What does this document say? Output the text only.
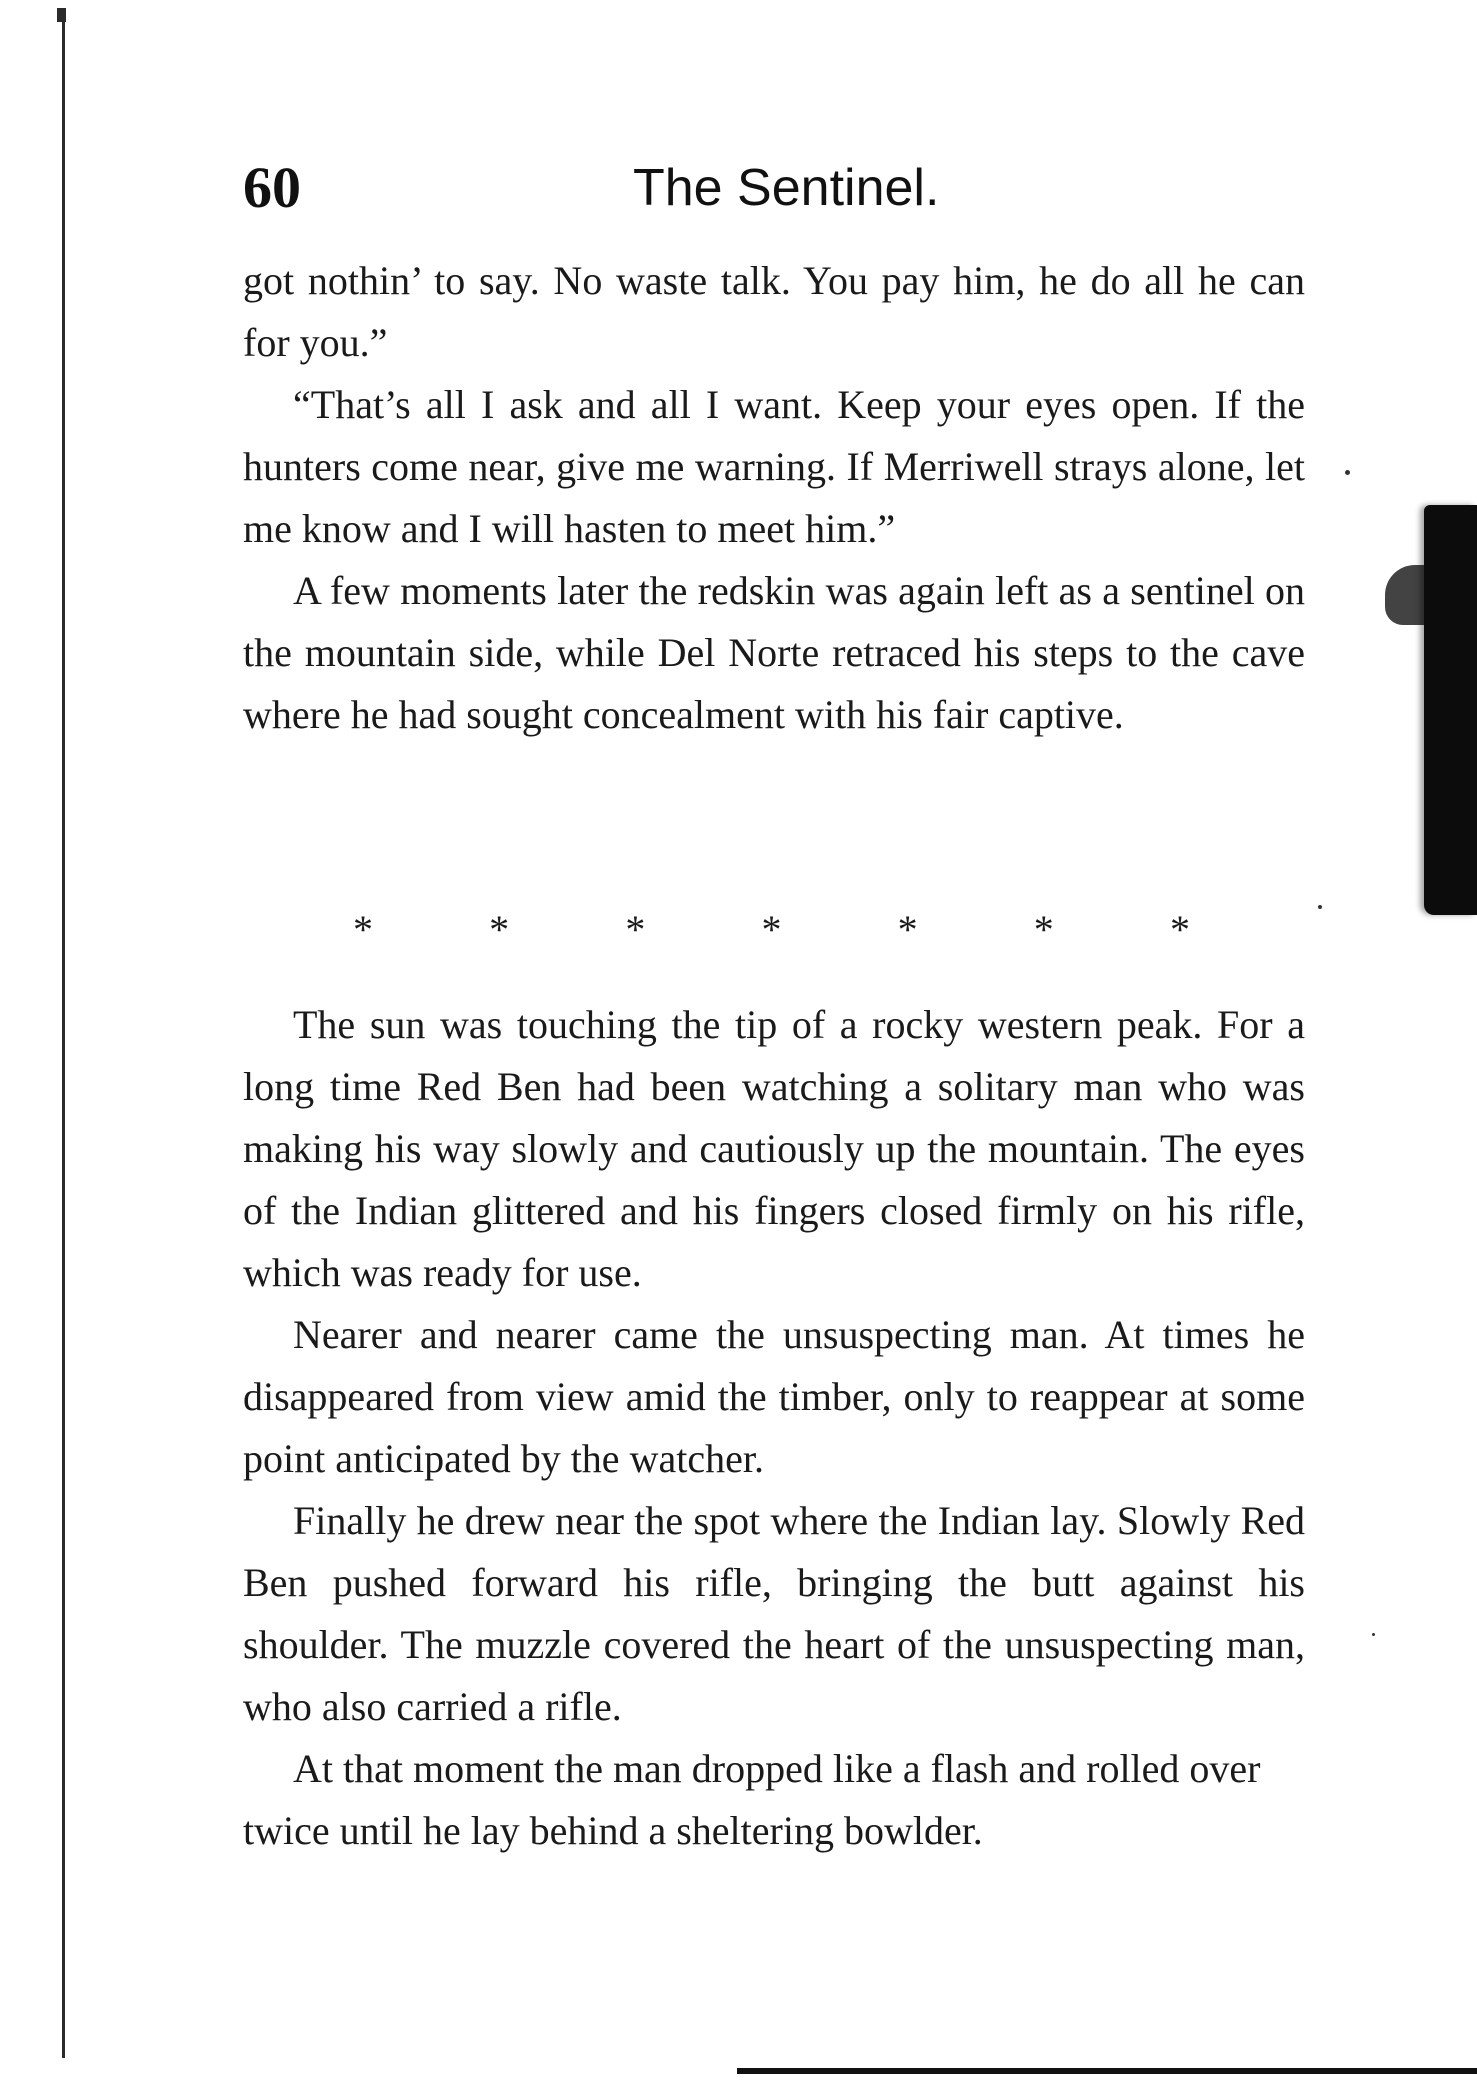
60	The Sentinel.

got nothin’ to say. No waste talk. You pay him, he do all he can for you.”

“That’s all I ask and all I want. Keep your eyes open. If the hunters come near, give me warning. If Merriwell strays alone, let me know and I will hasten to meet him.”

A few moments later the redskin was again left as a sentinel on the mountain side, while Del Norte retraced his steps to the cave where he had sought concealment with his fair captive.

*	*	*	*	*	*	*

The sun was touching the tip of a rocky western peak. For a long time Red Ben had been watching a solitary man who was making his way slowly and cautiously up the mountain. The eyes of the Indian glittered and his fingers closed firmly on his rifle, which was ready for use.

Nearer and nearer came the unsuspecting man. At times he disappeared from view amid the timber, only to reappear at some point anticipated by the watcher.

Finally he drew near the spot where the Indian lay. Slowly Red Ben pushed forward his rifle, bringing the butt against his shoulder. The muzzle covered the heart of the unsuspecting man, who also carried a rifle.

At that moment the man dropped like a flash and rolled over twice until he lay behind a sheltering bowlder.
